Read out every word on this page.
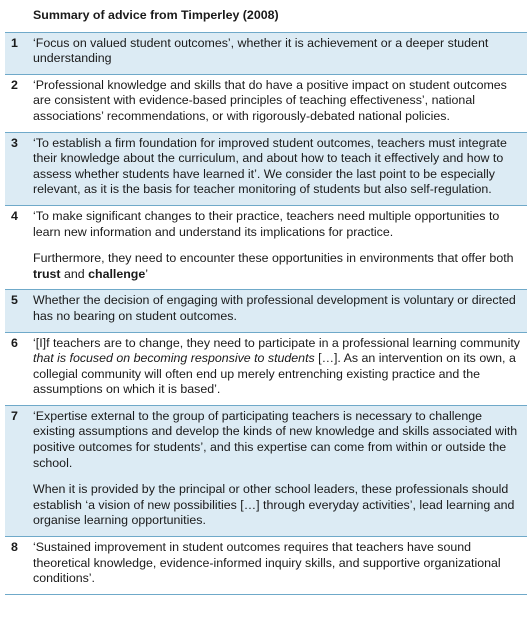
Summary of advice from Timperley (2008)
1	‘Focus on valued student outcomes’, whether it is achievement or a deeper student understanding
2	‘Professional knowledge and skills that do have a positive impact on student outcomes are consistent with evidence-based principles of teaching effectiveness’, national associations’ recommendations, or with rigorously-debated national policies.
3	‘To establish a firm foundation for improved student outcomes, teachers must integrate their knowledge about the curriculum, and about how to teach it effectively and how to assess whether students have learned it’. We consider the last point to be especially relevant, as it is the basis for teacher monitoring of students but also self-regulation.
4	‘To make significant changes to their practice, teachers need multiple opportunities to learn new information and understand its implications for practice.
Furthermore, they need to encounter these opportunities in environments that offer both trust and challenge’
5	Whether the decision of engaging with professional development is voluntary or directed has no bearing on student outcomes.
6	‘[I]f teachers are to change, they need to participate in a professional learning community that is focused on becoming responsive to students […]. As an intervention on its own, a collegial community will often end up merely entrenching existing practice and the assumptions on which it is based’.
7	‘Expertise external to the group of participating teachers is necessary to challenge existing assumptions and develop the kinds of new knowledge and skills associated with positive outcomes for students’, and this expertise can come from within or outside the school.
When it is provided by the principal or other school leaders, these professionals should establish ‘a vision of new possibilities […] through everyday activities’, lead learning and organise learning opportunities.
8	‘Sustained improvement in student outcomes requires that teachers have sound theoretical knowledge, evidence-informed inquiry skills, and supportive organizational conditions’.
